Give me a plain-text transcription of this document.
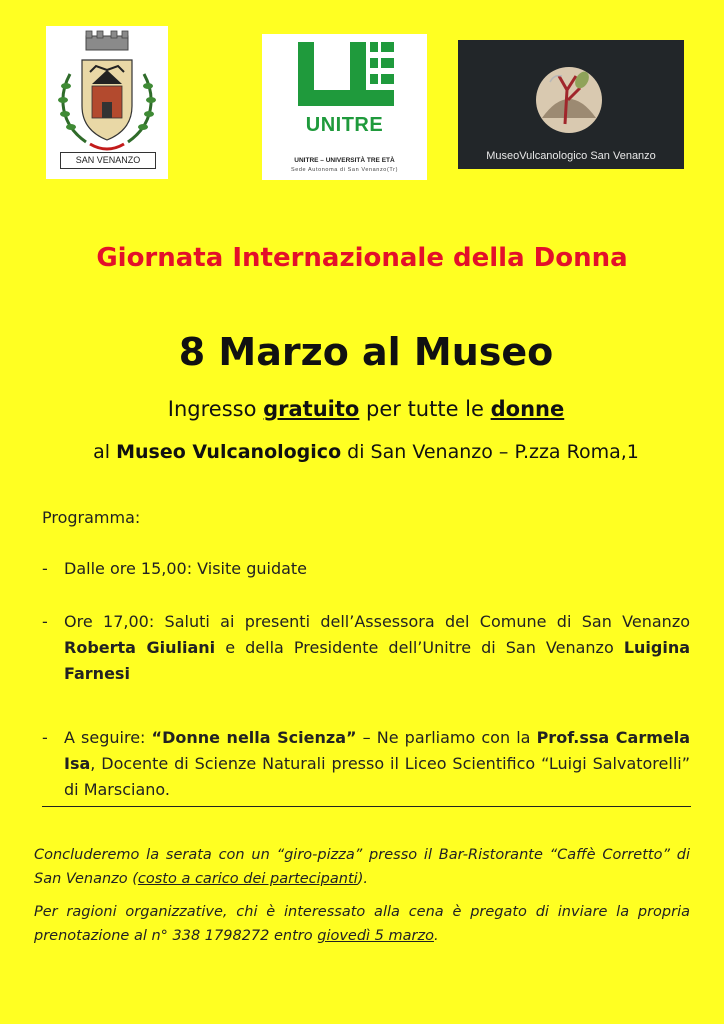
SAN VENANZO
UNITRE
UNITRE – UNIVERSITÀ TRE ETÀ
Sede Autonoma di San Venanzo(Tr)
MuseoVulcanologico San Venanzo
Giornata Internazionale della Donna
8 Marzo al Museo
Ingresso gratuito per tutte le donne
al Museo Vulcanologico di San Venanzo – P.zza Roma,1
Programma:
-	Dalle ore 15,00: Visite guidate
-	Ore 17,00: Saluti ai presenti dell’Assessora del Comune di San Venanzo Roberta Giuliani e della Presidente dell’Unitre di San Venanzo Luigina Farnesi
-	A seguire: “Donne nella Scienza” – Ne parliamo con la Prof.ssa Carmela Isa, Docente di Scienze Naturali presso il Liceo Scientifico “Luigi Salvatorelli” di Marsciano.
Concluderemo la serata con un “giro-pizza” presso il Bar-Ristorante “Caffè Corretto” di San Venanzo (costo a carico dei partecipanti).
Per ragioni organizzative, chi è interessato alla cena è pregato di inviare la propria prenotazione al n° 338 1798272 entro giovedì 5 marzo.
